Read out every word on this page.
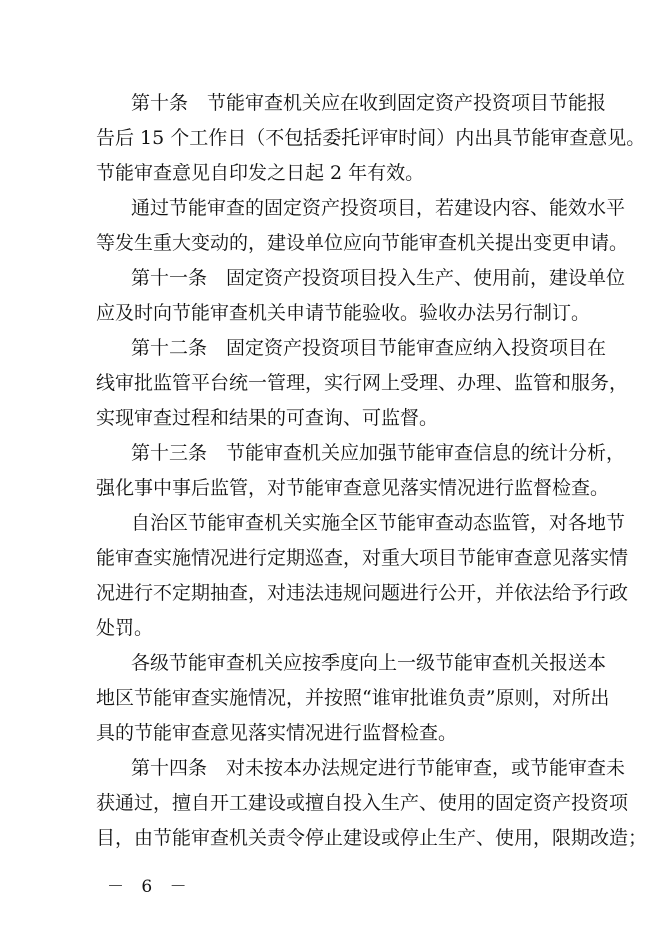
第十条　节能审查机关应在收到固定资产投资项目节能报
告后 15 个工作日（不包括委托评审时间）内出具节能审查意见。
节能审查意见自印发之日起 2 年有效。
通过节能审查的固定资产投资项目，若建设内容、能效水平
等发生重大变动的，建设单位应向节能审查机关提出变更申请。
第十一条　固定资产投资项目投入生产、使用前，建设单位
应及时向节能审查机关申请节能验收。验收办法另行制订。
第十二条　固定资产投资项目节能审查应纳入投资项目在
线审批监管平台统一管理，实行网上受理、办理、监管和服务，
实现审查过程和结果的可查询、可监督。
第十三条　节能审查机关应加强节能审查信息的统计分析，
强化事中事后监管，对节能审查意见落实情况进行监督检查。
自治区节能审查机关实施全区节能审查动态监管，对各地节
能审查实施情况进行定期巡查，对重大项目节能审查意见落实情
况进行不定期抽查，对违法违规问题进行公开，并依法给予行政
处罚。
各级节能审查机关应按季度向上一级节能审查机关报送本
地区节能审查实施情况，并按照“谁审批谁负责”原则，对所出
具的节能审查意见落实情况进行监督检查。
第十四条　对未按本办法规定进行节能审查，或节能审查未
获通过，擅自开工建设或擅自投入生产、使用的固定资产投资项
目，由节能审查机关责令停止建设或停止生产、使用，限期改造；
－ 6 －
